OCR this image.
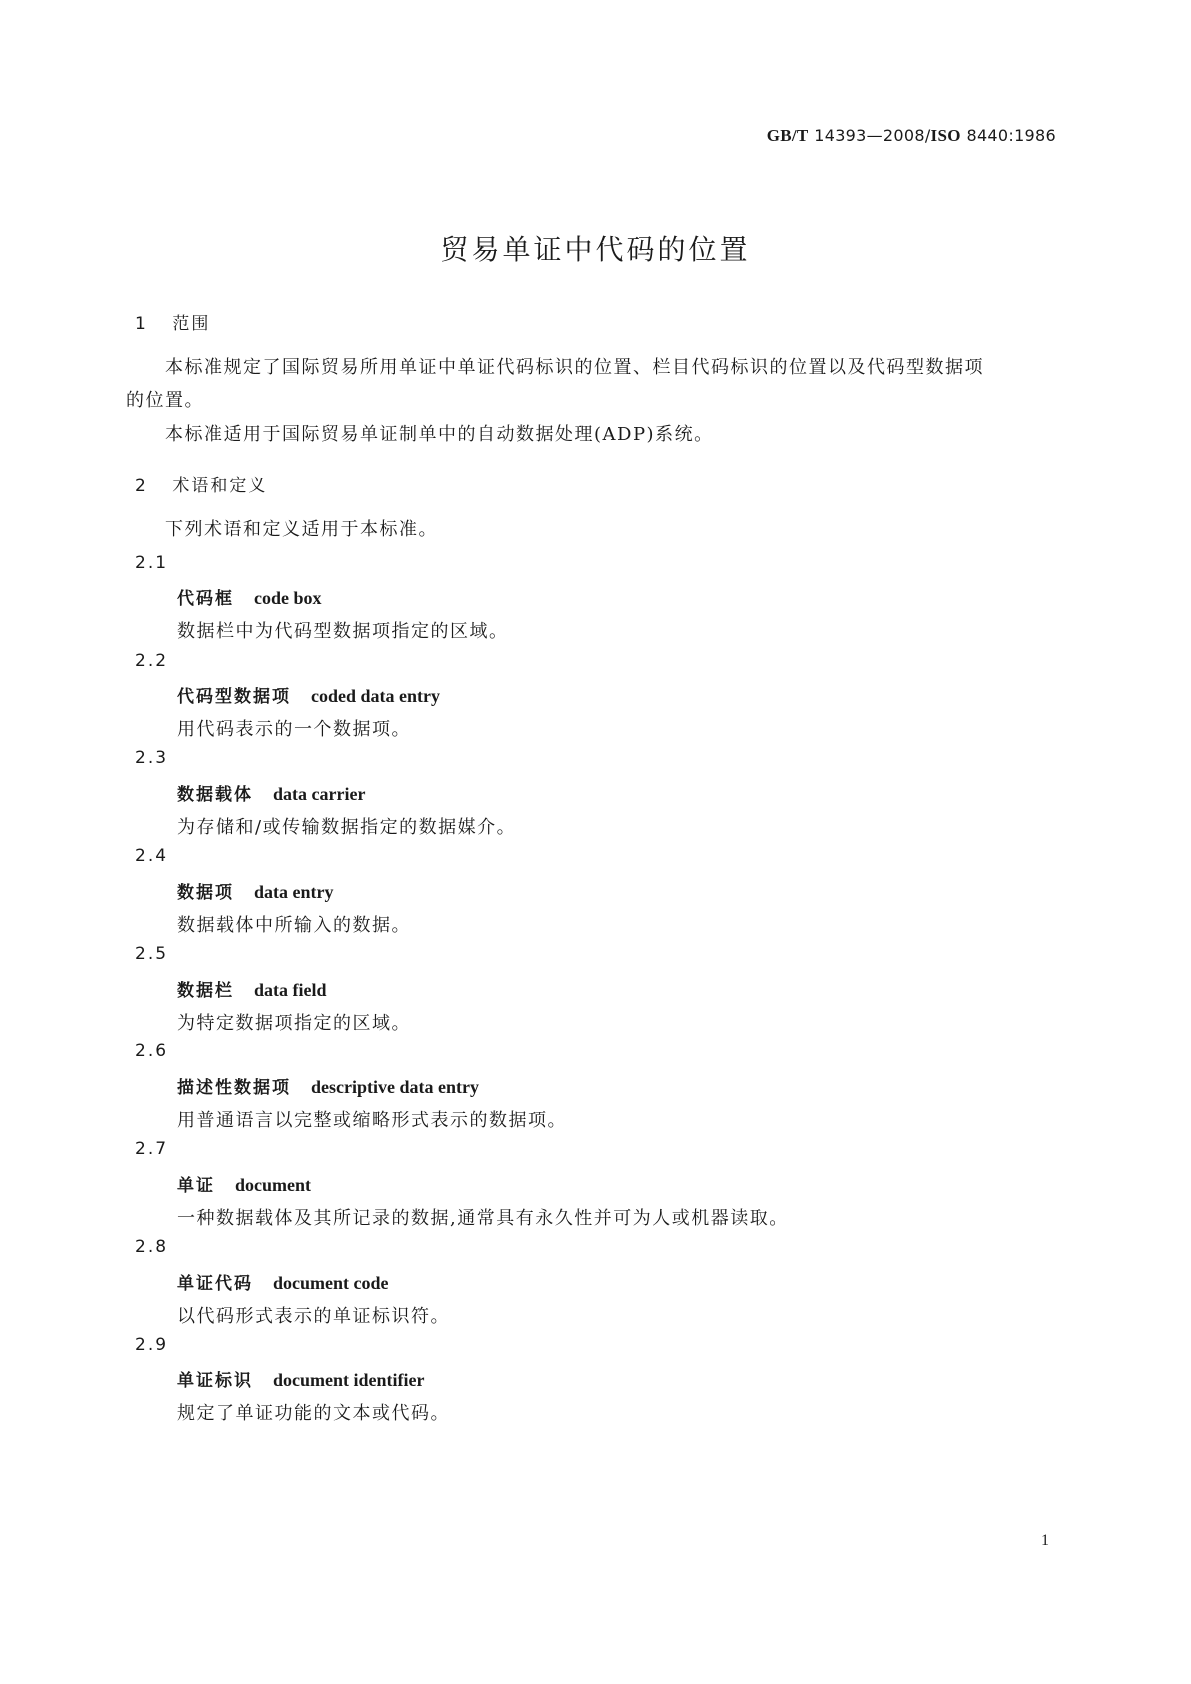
GB/T 14393—2008/ISO 8440:1986
贸易单证中代码的位置
1 范围
本标准规定了国际贸易所用单证中单证代码标识的位置、栏目代码标识的位置以及代码型数据项
的位置。
本标准适用于国际贸易单证制单中的自动数据处理(ADP)系统。
2 术语和定义
下列术语和定义适用于本标准。
2.1
代码框 code box
数据栏中为代码型数据项指定的区域。
2.2
代码型数据项 coded data entry
用代码表示的一个数据项。
2.3
数据载体 data carrier
为存储和/或传输数据指定的数据媒介。
2.4
数据项 data entry
数据载体中所输入的数据。
2.5
数据栏 data field
为特定数据项指定的区域。
2.6
描述性数据项 descriptive data entry
用普通语言以完整或缩略形式表示的数据项。
2.7
单证 document
一种数据载体及其所记录的数据,通常具有永久性并可为人或机器读取。
2.8
单证代码 document code
以代码形式表示的单证标识符。
2.9
单证标识 document identifier
规定了单证功能的文本或代码。
1
